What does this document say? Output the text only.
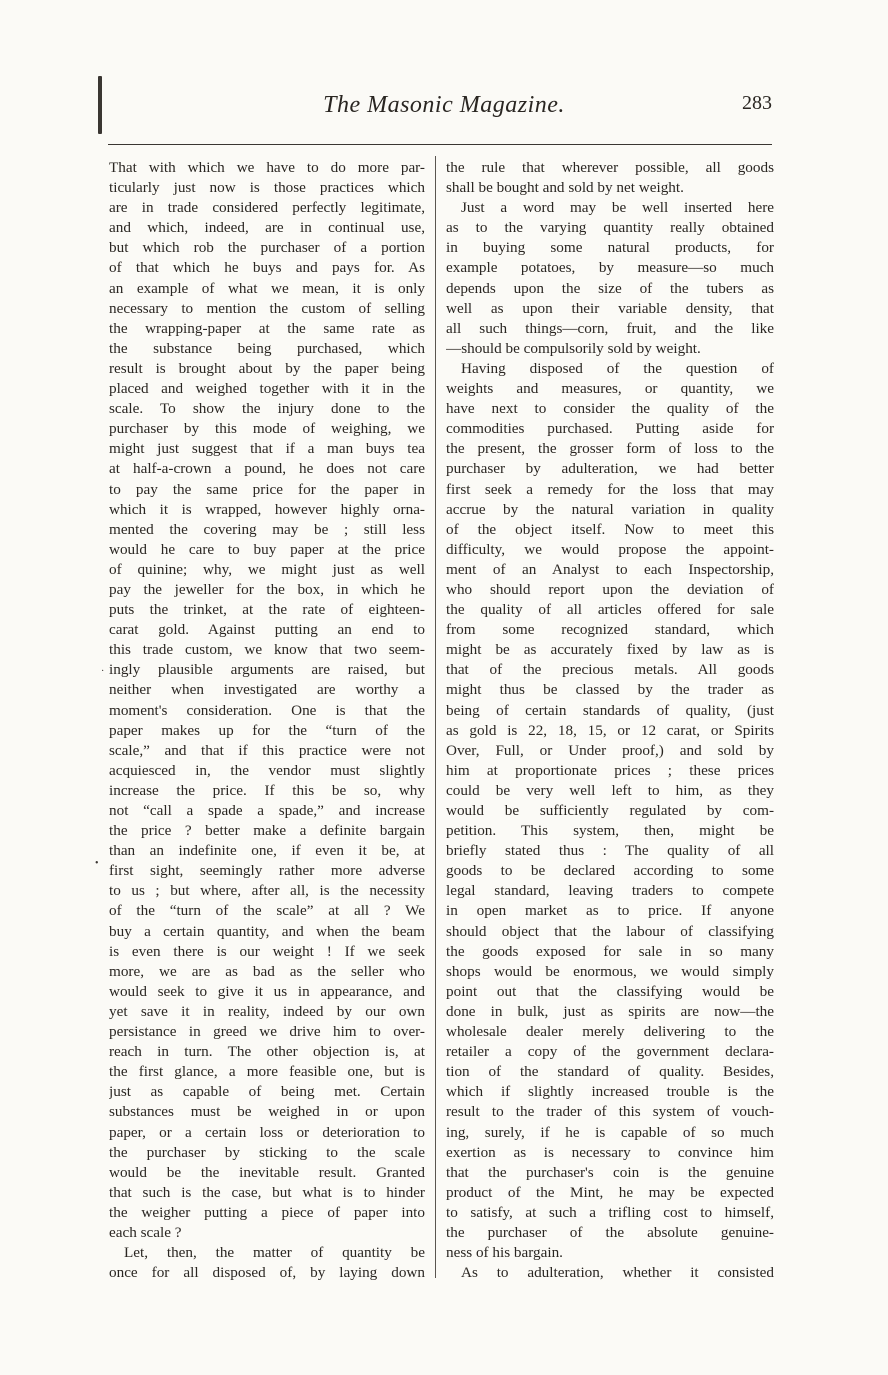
The Masonic Magazine.	283
That with which we have to do more par-
ticularly just now is those practices which
are in trade considered perfectly legitimate,
and which, indeed, are in continual use,
but which rob the purchaser of a portion
of that which he buys and pays for. As
an example of what we mean, it is only
necessary to mention the custom of selling
the wrapping-paper at the same rate as
the substance being purchased, which
result is brought about by the paper being
placed and weighed together with it in the
scale. To show the injury done to the
purchaser by this mode of weighing, we
might just suggest that if a man buys tea
at half-a-crown a pound, he does not care
to pay the same price for the paper in
which it is wrapped, however highly orna-
mented the covering may be ; still less
would he care to buy paper at the price
of quinine; why, we might just as well
pay the jeweller for the box, in which he
puts the trinket, at the rate of eighteen-
carat gold. Against putting an end to
this trade custom, we know that two seem-
ingly plausible arguments are raised, but
neither when investigated are worthy a
moment's consideration. One is that the
paper makes up for the “turn of the
scale,” and that if this practice were not
acquiesced in, the vendor must slightly
increase the price. If this be so, why
not “call a spade a spade,” and increase
the price ? better make a definite bargain
than an indefinite one, if even it be, at
first sight, seemingly rather more adverse
to us ; but where, after all, is the necessity
of the “turn of the scale” at all ? We
buy a certain quantity, and when the beam
is even there is our weight ! If we seek
more, we are as bad as the seller who
would seek to give it us in appearance, and
yet save it in reality, indeed by our own
persistance in greed we drive him to over-
reach in turn. The other objection is, at
the first glance, a more feasible one, but is
just as capable of being met. Certain
substances must be weighed in or upon
paper, or a certain loss or deterioration to
the purchaser by sticking to the scale
would be the inevitable result. Granted
that such is the case, but what is to hinder
the weigher putting a piece of paper into
each scale ?
Let, then, the matter of quantity be
once for all disposed of, by laying down
the rule that wherever possible, all goods
shall be bought and sold by net weight.
Just a word may be well inserted here
as to the varying quantity really obtained
in buying some natural products, for
example potatoes, by measure—so much
depends upon the size of the tubers as
well as upon their variable density, that
all such things—corn, fruit, and the like
—should be compulsorily sold by weight.
Having disposed of the question of
weights and measures, or quantity, we
have next to consider the quality of the
commodities purchased. Putting aside for
the present, the grosser form of loss to the
purchaser by adulteration, we had better
first seek a remedy for the loss that may
accrue by the natural variation in quality
of the object itself. Now to meet this
difficulty, we would propose the appoint-
ment of an Analyst to each Inspectorship,
who should report upon the deviation of
the quality of all articles offered for sale
from some recognized standard, which
might be as accurately fixed by law as is
that of the precious metals. All goods
might thus be classed by the trader as
being of certain standards of quality, (just
as gold is 22, 18, 15, or 12 carat, or Spirits
Over, Full, or Under proof,) and sold by
him at proportionate prices ; these prices
could be very well left to him, as they
would be sufficiently regulated by com-
petition. This system, then, might be
briefly stated thus : The quality of all
goods to be declared according to some
legal standard, leaving traders to compete
in open market as to price. If anyone
should object that the labour of classifying
the goods exposed for sale in so many
shops would be enormous, we would simply
point out that the classifying would be
done in bulk, just as spirits are now—the
wholesale dealer merely delivering to the
retailer a copy of the government declara-
tion of the standard of quality. Besides,
which if slightly increased trouble is the
result to the trader of this system of vouch-
ing, surely, if he is capable of so much
exertion as is necessary to convince him
that the purchaser's coin is the genuine
product of the Mint, he may be expected
to satisfy, at such a trifling cost to himself,
the purchaser of the absolute genuine-
ness of his bargain.
As to adulteration, whether it consisted
·
•
